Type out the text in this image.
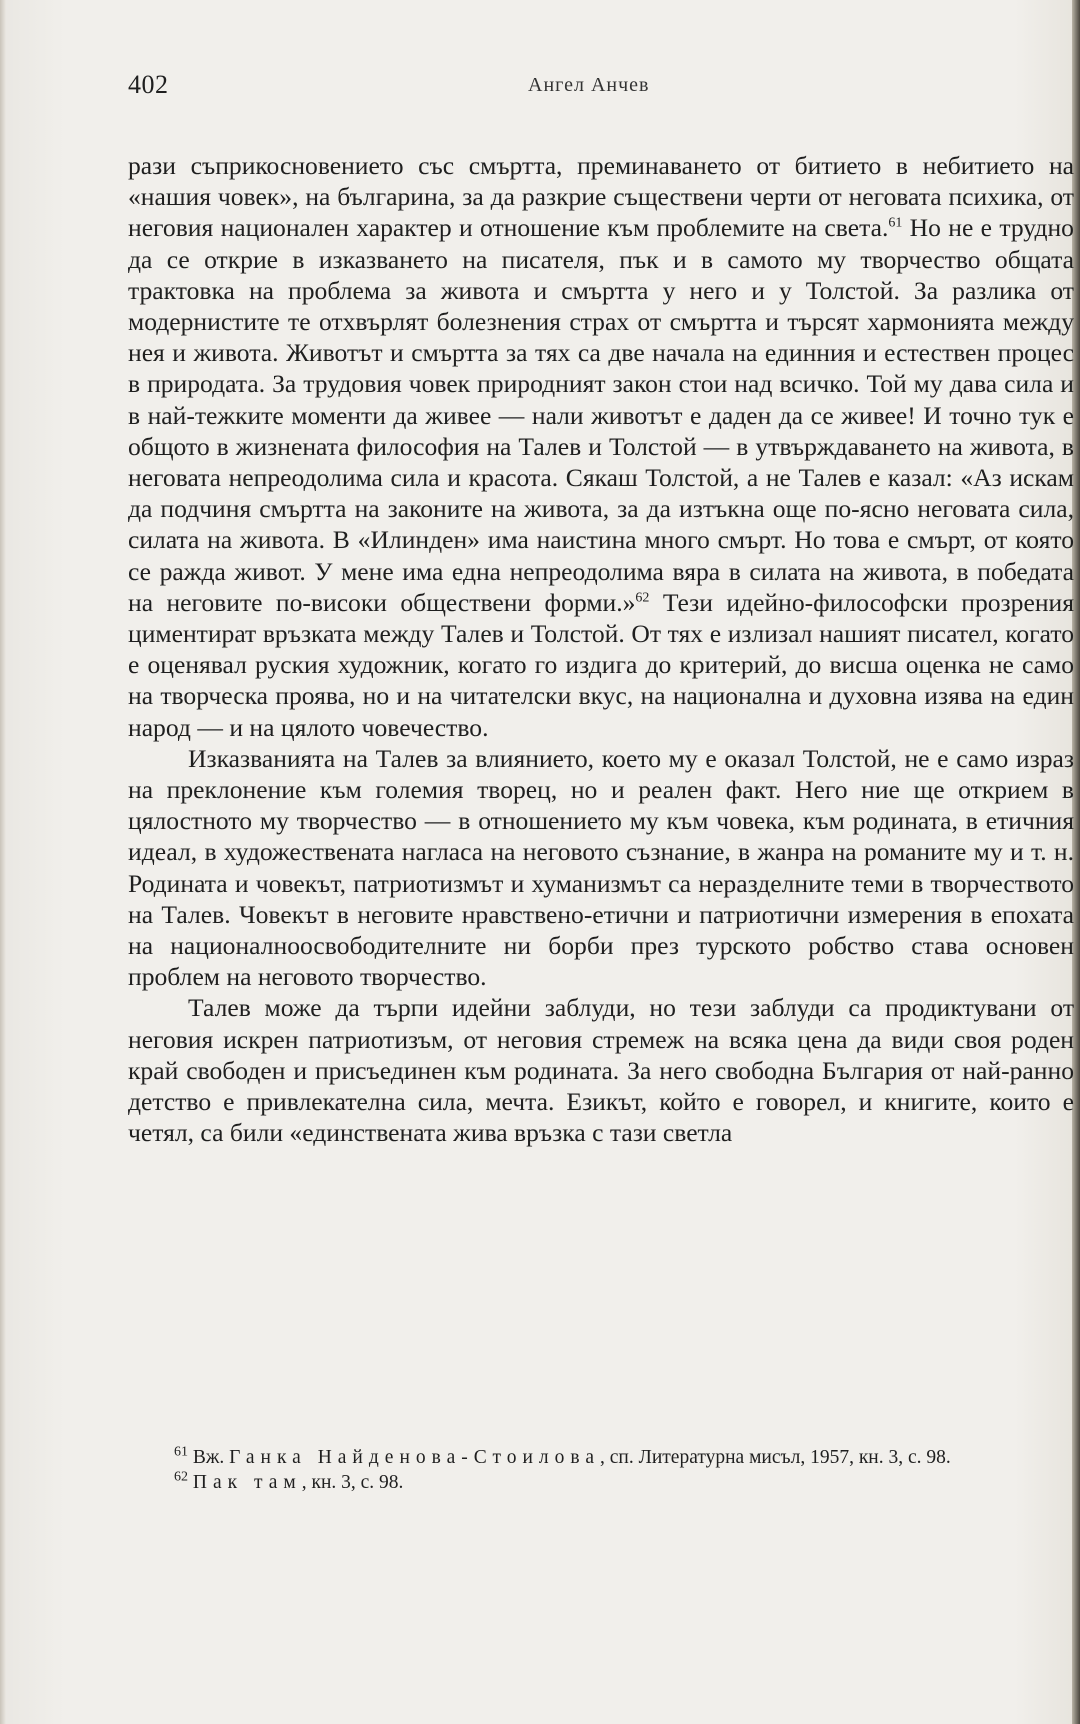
402	Ангел Анчев

рази съприкосновението със смъртта, преминаването от битието в небитието на «нашия човек», на българина, за да разкрие съществени черти от неговата психика, от неговия национален характер и отношение към проблемите на света.$^{61}$ Но не е трудно да се открие в изказването на писателя, пък и в самото му творчество общата трактовка на проблема за живота и смъртта у него и у Толстой. За разлика от модернистите те отхвърлят болезнения страх от смъртта и търсят хармонията между нея и живота. Животът и смъртта за тях са две начала на единния и естествен процес в природата. За трудовия човек природният закон стои над всичко. Той му дава сила и в най-тежките моменти да живее — нали животът е даден да се живее! И точно тук е общото в жизнената философия на Талев и Толстой — в утвърждаването на живота, в неговата непреодолима сила и красота. Сякаш Толстой, а не Талев е казал: «Аз искам да подчиня смъртта на законите на живота, за да изтъкна още по-ясно неговата сила, силата на живота. В «Илинден» има наистина много смърт. Но това е смърт, от която се ражда живот. У мене има една непреодолима вяра в силата на живота, в победата на неговите по-високи обществени форми.»$^{62}$ Тези идейно-философски прозрения циментират връзката между Талев и Толстой. От тях е излизал нашият писател, когато е оценявал руския художник, когато го издига до критерий, до висша оценка не само на творческа проява, но и на читателски вкус, на национална и духовна изява на един народ — и на цялото човечество.

Изказванията на Талев за влиянието, което му е оказал Толстой, не е само израз на преклонение към големия творец, но и реален факт. Него ние ще открием в цялостното му творчество — в отношението му към човека, към родината, в етичния идеал, в художествената нагласа на неговото съзнание, в жанра на романите му и т. н. Родината и човекът, патриотизмът и хуманизмът са неразделните теми в творчеството на Талев. Човекът в неговите нравствено-етични и патриотични измерения в епохата на националноосвободителните ни борби през турското робство става основен проблем на неговото творчество.

Талев може да търпи идейни заблуди, но тези заблуди са продиктувани от неговия искрен патриотизъм, от неговия стремеж на всяка цена да види своя роден край свободен и присъединен към родината. За него свободна България от най-ранно детство е привлекателна сила, мечта. Езикът, който е говорел, и книгите, които е четял, са били «единствената жива връзка с тази светла

$^{61}$ Вж. Ганка Найденова-Стоилова, сп. Литературна мисъл, 1957, кн. 3, с. 98.

$^{62}$ Пак там, кн. 3, с. 98.
